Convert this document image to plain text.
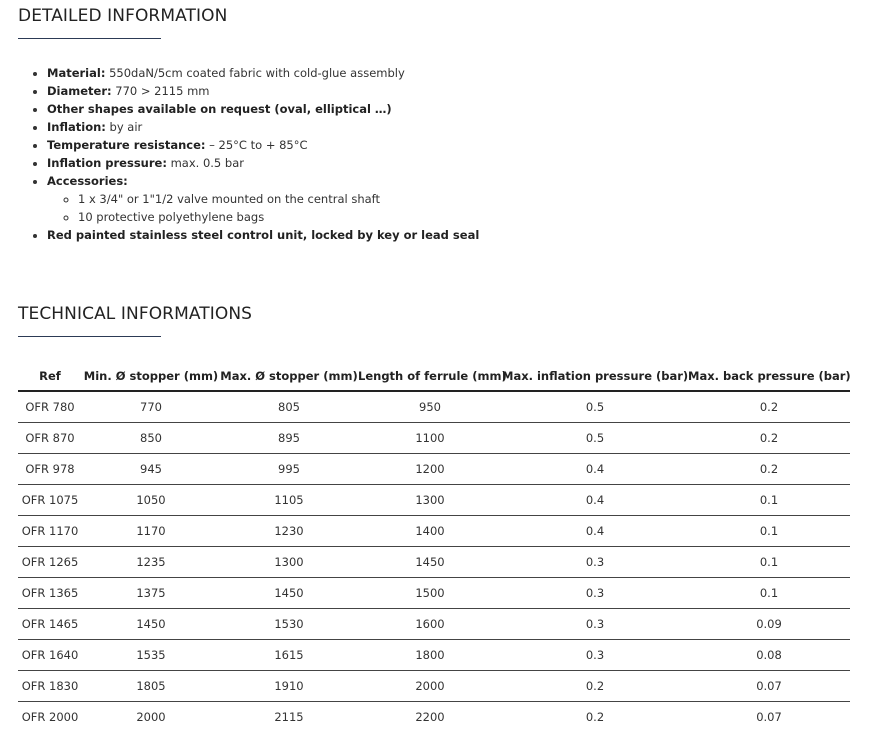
DETAILED INFORMATION
• Material: 550daN/5cm coated fabric with cold-glue assembly
• Diameter: 770 > 2115 mm
• Other shapes available on request (oval, elliptical …)
• Inflation: by air
• Temperature resistance: – 25°C to + 85°C
• Inflation pressure: max. 0.5 bar
• Accessories:
◦ 1 x 3/4" or 1"1/2 valve mounted on the central shaft
◦ 10 protective polyethylene bags
• Red painted stainless steel control unit, locked by key or lead seal
TECHNICAL INFORMATIONS
Ref	Min. Ø stopper (mm)	Max. Ø stopper (mm)	Length of ferrule (mm)	Max. inflation pressure (bar)	Max. back pressure (bar)
OFR 780	770	805	950	0.5	0.2
OFR 870	850	895	1100	0.5	0.2
OFR 978	945	995	1200	0.4	0.2
OFR 1075	1050	1105	1300	0.4	0.1
OFR 1170	1170	1230	1400	0.4	0.1
OFR 1265	1235	1300	1450	0.3	0.1
OFR 1365	1375	1450	1500	0.3	0.1
OFR 1465	1450	1530	1600	0.3	0.09
OFR 1640	1535	1615	1800	0.3	0.08
OFR 1830	1805	1910	2000	0.2	0.07
OFR 2000	2000	2115	2200	0.2	0.07
